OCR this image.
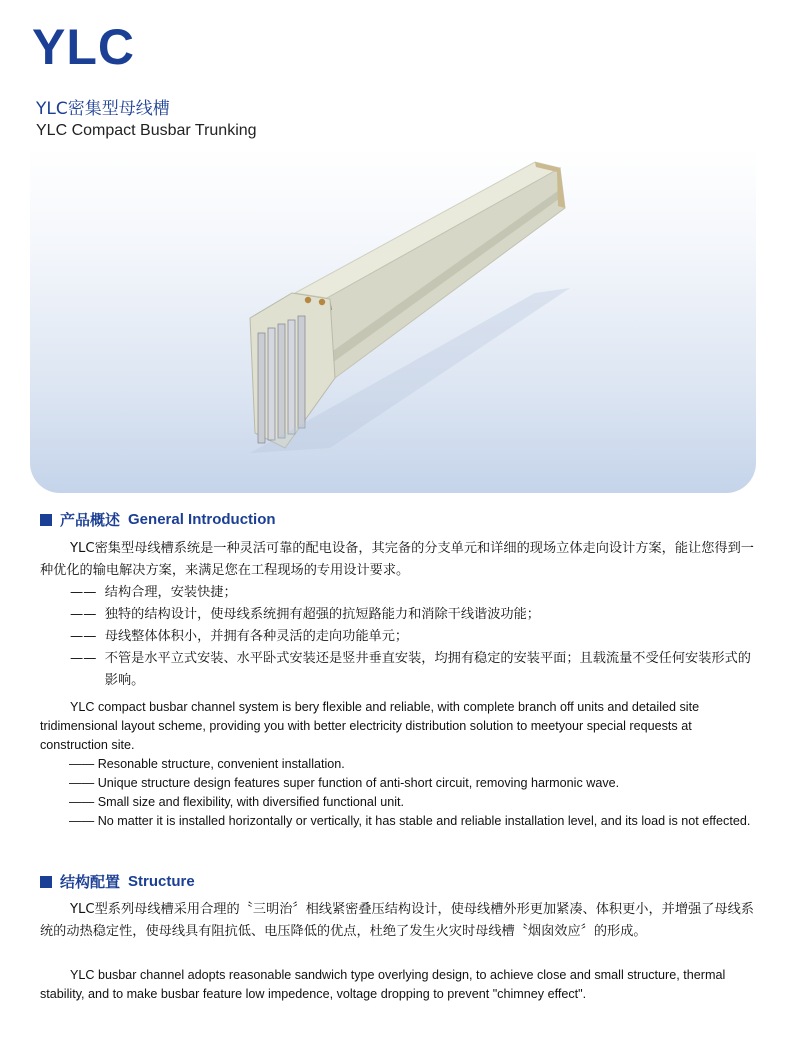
YLC
YLC密集型母线槽
YLC Compact Busbar Trunking
产品概述 General Introduction
YLC密集型母线槽系统是一种灵活可靠的配电设备，其完备的分支单元和详细的现场立体走向设计方案，能让您得到一种优化的输电解决方案，来满足您在工程现场的专用设计要求。
——
结构合理，安装快捷；
——
独特的结构设计，使母线系统拥有超强的抗短路能力和消除干线谐波功能；
——
母线整体体积小，并拥有各种灵活的走向功能单元；
——
不管是水平立式安装、水平卧式安装还是竖井垂直安装，均拥有稳定的安装平面；且载流量不受任何安装形式的影响。
YLC compact busbar channel system is bery flexible and reliable, with complete branch off units and detailed site tridimensional layout scheme, providing you with better electricity distribution solution to meetyour special requests at construction site.
—— Resonable structure, convenient installation.
—— Unique structure design features super function of anti-short circuit, removing harmonic wave.
—— Small size and flexibility, with diversified functional unit.
—— No matter it is installed horizontally or vertically, it has stable and reliable installation level, and its load is not effected.
结构配置 Structure
YLC型系列母线槽采用合理的〝三明治〞相线紧密叠压结构设计，使母线槽外形更加紧凑、体积更小，并增强了母线系统的动热稳定性，使母线具有阻抗低、电压降低的优点，杜绝了发生火灾时母线槽〝烟囱效应〞的形成。
YLC busbar channel adopts reasonable sandwich type overlying design, to achieve close and small structure, thermal stability, and to make busbar feature low impedence, voltage dropping to prevent "chimney effect".
